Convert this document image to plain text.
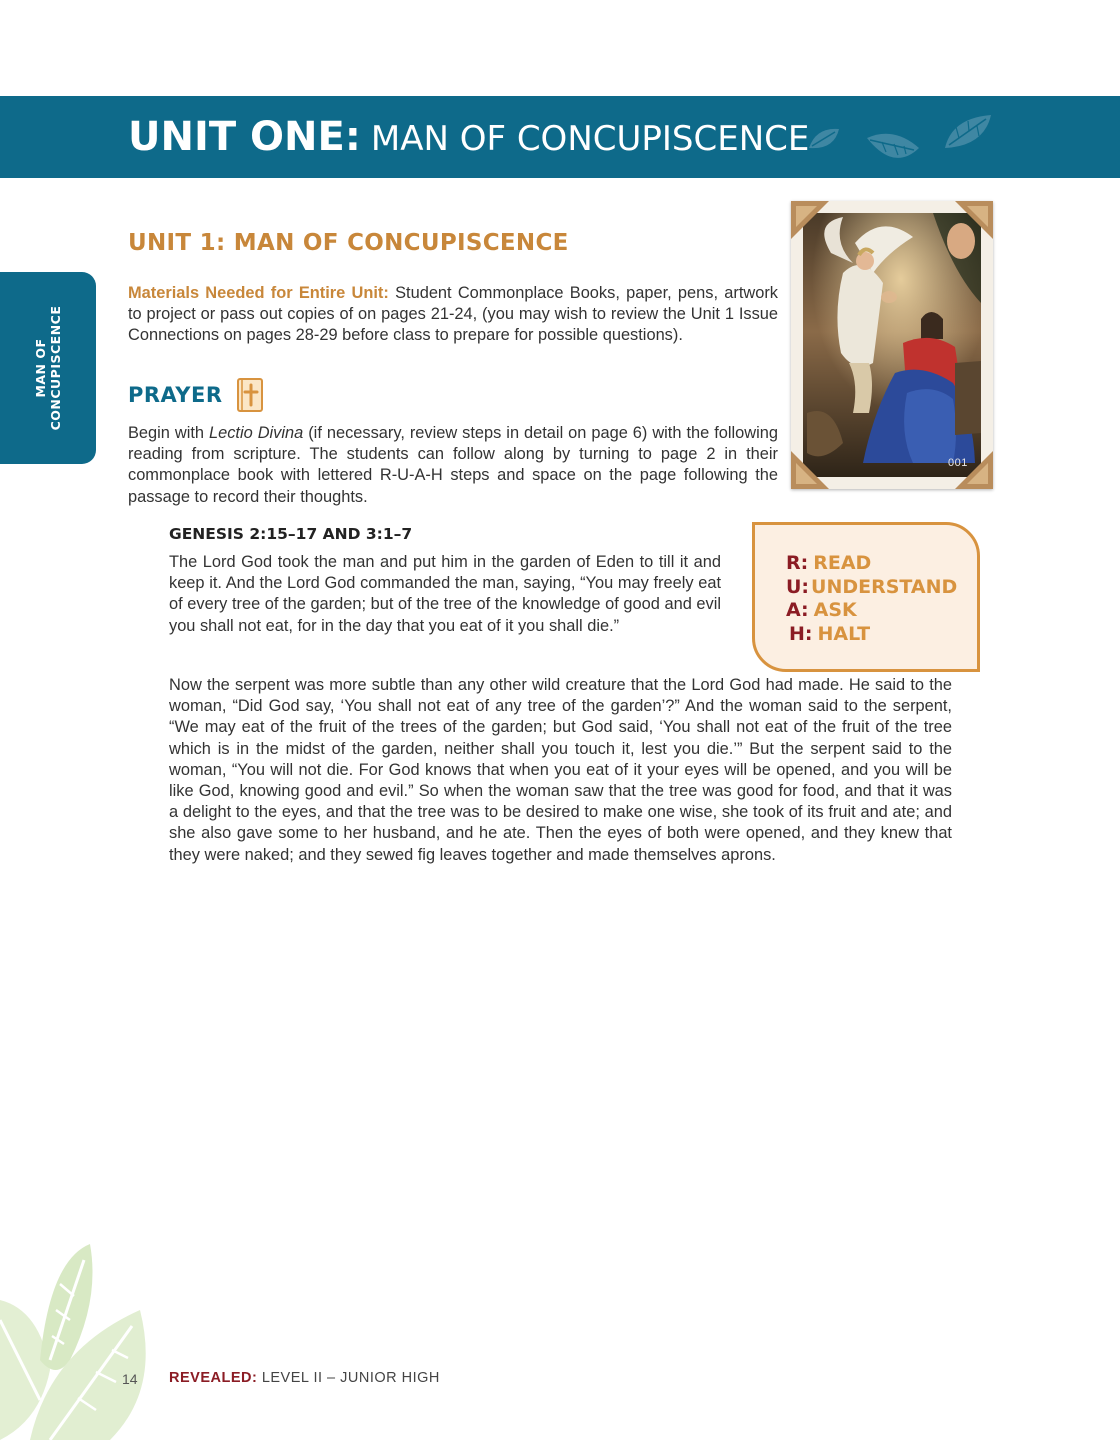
UNIT ONE: MAN OF CONCUPISCENCE
MAN OF
CONCUPISCENCE
UNIT 1: MAN OF CONCUPISCENCE

Materials Needed for Entire Unit: Student Commonplace Books, paper, pens, artwork to project or pass out copies of on pages 21-24, (you may wish to review the Unit 1 Issue Connections on pages 28-29 before class to prepare for possible questions).

PRAYER

Begin with Lectio Divina (if necessary, review steps in detail on page 6) with the following reading from scripture. The students can follow along by turning to page 2 in their commonplace book with lettered R-U-A-H steps and space on the page following the passage to record their thoughts.

001
GENESIS 2:15–17 AND 3:1–7

The Lord God took the man and put him in the garden of Eden to till it and keep it. And the Lord God commanded the man, saying, “You may freely eat of every tree of the garden; but of the tree of the knowledge of good and evil you shall not eat, for in the day that you eat of it you shall die.”

Now the serpent was more subtle than any other wild creature that the Lord God had made. He said to the woman, “Did God say, ‘You shall not eat of any tree of the garden’?” And the woman said to the serpent, “We may eat of the fruit of the trees of the garden; but God said, ‘You shall not eat of the fruit of the tree which is in the midst of the garden, neither shall you touch it, lest you die.’” But the serpent said to the woman, “You will not die. For God knows that when you eat of it your eyes will be opened, and you will be like God, knowing good and evil.” So when the woman saw that the tree was good for food, and that it was a delight to the eyes, and that the tree was to be desired to make one wise, she took of its fruit and ate; and she also gave some to her husband, and he ate. Then the eyes of both were opened, and they knew that they were naked; and they sewed fig leaves together and made themselves aprons.

R: READ
U: UNDERSTAND
A: ASK
H: HALT
14 REVEALED: LEVEL II – JUNIOR HIGH
